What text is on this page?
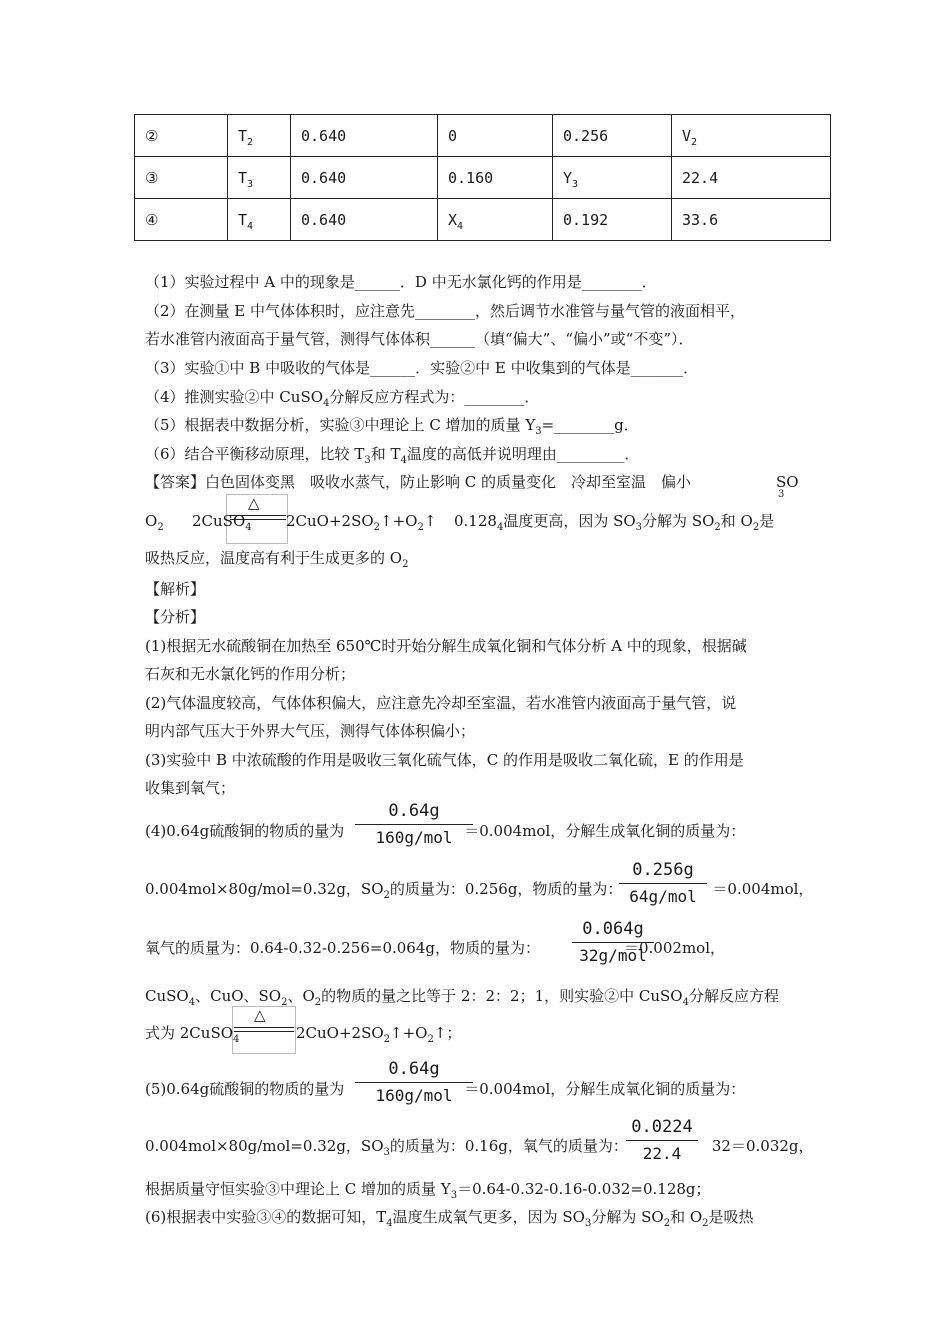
②	$T_2$	0.640	0	0.256	$V_2$
③	$T_3$	0.640	0.160	$Y_3$	22.4
④	$T_4$	0.640	$X_4$	0.192	33.6
（1）实验过程中 A 中的现象是______．D 中无水氯化钙的作用是________．
（2）在测量 E 中气体体积时，应注意先________，然后调节水准管与量气管的液面相平，
若水准管内液面高于量气管，测得气体体积______（填“偏大”、“偏小”或“不变”）．
（3）实验①中 B 中吸收的气体是______．实验②中 E 中收集到的气体是_______．
（4）推测实验②中 CuSO$_4$分解反应方程式为：________．
（5）根据表中数据分析，实验③中理论上 C 增加的质量 $Y_3=\_\_\_\_\_\_\_\_g$．
（6）结合平衡移动原理，比较 $T_3$和 $T_4$温度的高低并说明理由_________．
【答案】白色固体变黑　吸收水蒸气，防止影响 C 的质量变化　冷却至室温　偏小	SO
3
△
$O_2$ 2CuSO$_4$ $2CuO+2SO_2↑+O_2↑$ $0.128_4$温度更高，因为 $SO_3$分解为 $SO_2$和 $O_2$是
吸热反应，温度高有利于生成更多的 $O_2$
【解析】
【分析】
(1)根据无水硫酸铜在加热至 650℃时开始分解生成氧化铜和气体分析 A 中的现象，根据碱
石灰和无水氯化钙的作用分析；
(2)气体温度较高，气体体积偏大，应注意先冷却至室温，若水准管内液面高于量气管，说
明内部气压大于外界大气压，测得气体体积偏小；
(3)实验中 B 中浓硫酸的作用是吸收三氧化硫气体，C 的作用是吸收二氧化硫，E 的作用是
收集到氧气；
(4)0.64g硫酸铜的物质的量为	＝0.004mol，分解生成氧化铜的质量为：
0.64g
160g/mol
0.004mol×80g/mol=0.32g，$SO_2$的质量为：0.256g，物质的量为：	＝0.004mol，
0.256g
64g/mol
氧气的质量为：0.64-0.32-0.256=0.064g，物质的量为：	＝0.002mol，
0.064g
32g/mol
CuSO$_4$、CuO、$SO_2$、$O_2$的物质的量之比等于 2：2：2；1，则实验②中 CuSO$_4$分解反应方程
△
式为 2CuSO$_4$	$2CuO+2SO_2↑+O_2↑$；
(5)0.64g硫酸铜的物质的量为	＝0.004mol，分解生成氧化铜的质量为：
0.64g
160g/mol
0.004mol×80g/mol=0.32g，$SO_3$的质量为：0.16g，氧气的质量为：	32＝0.032g，
$\frac{0.0224}{22.4}$
根据质量守恒实验③中理论上 C 增加的质量 $Y_3=0.64-0.32-0.16-0.032=0.128g$；
(6)根据表中实验③④的数据可知，$T_4$温度生成氧气更多，因为 $SO_3$分解为 $SO_2$和 $O_2$是吸热
